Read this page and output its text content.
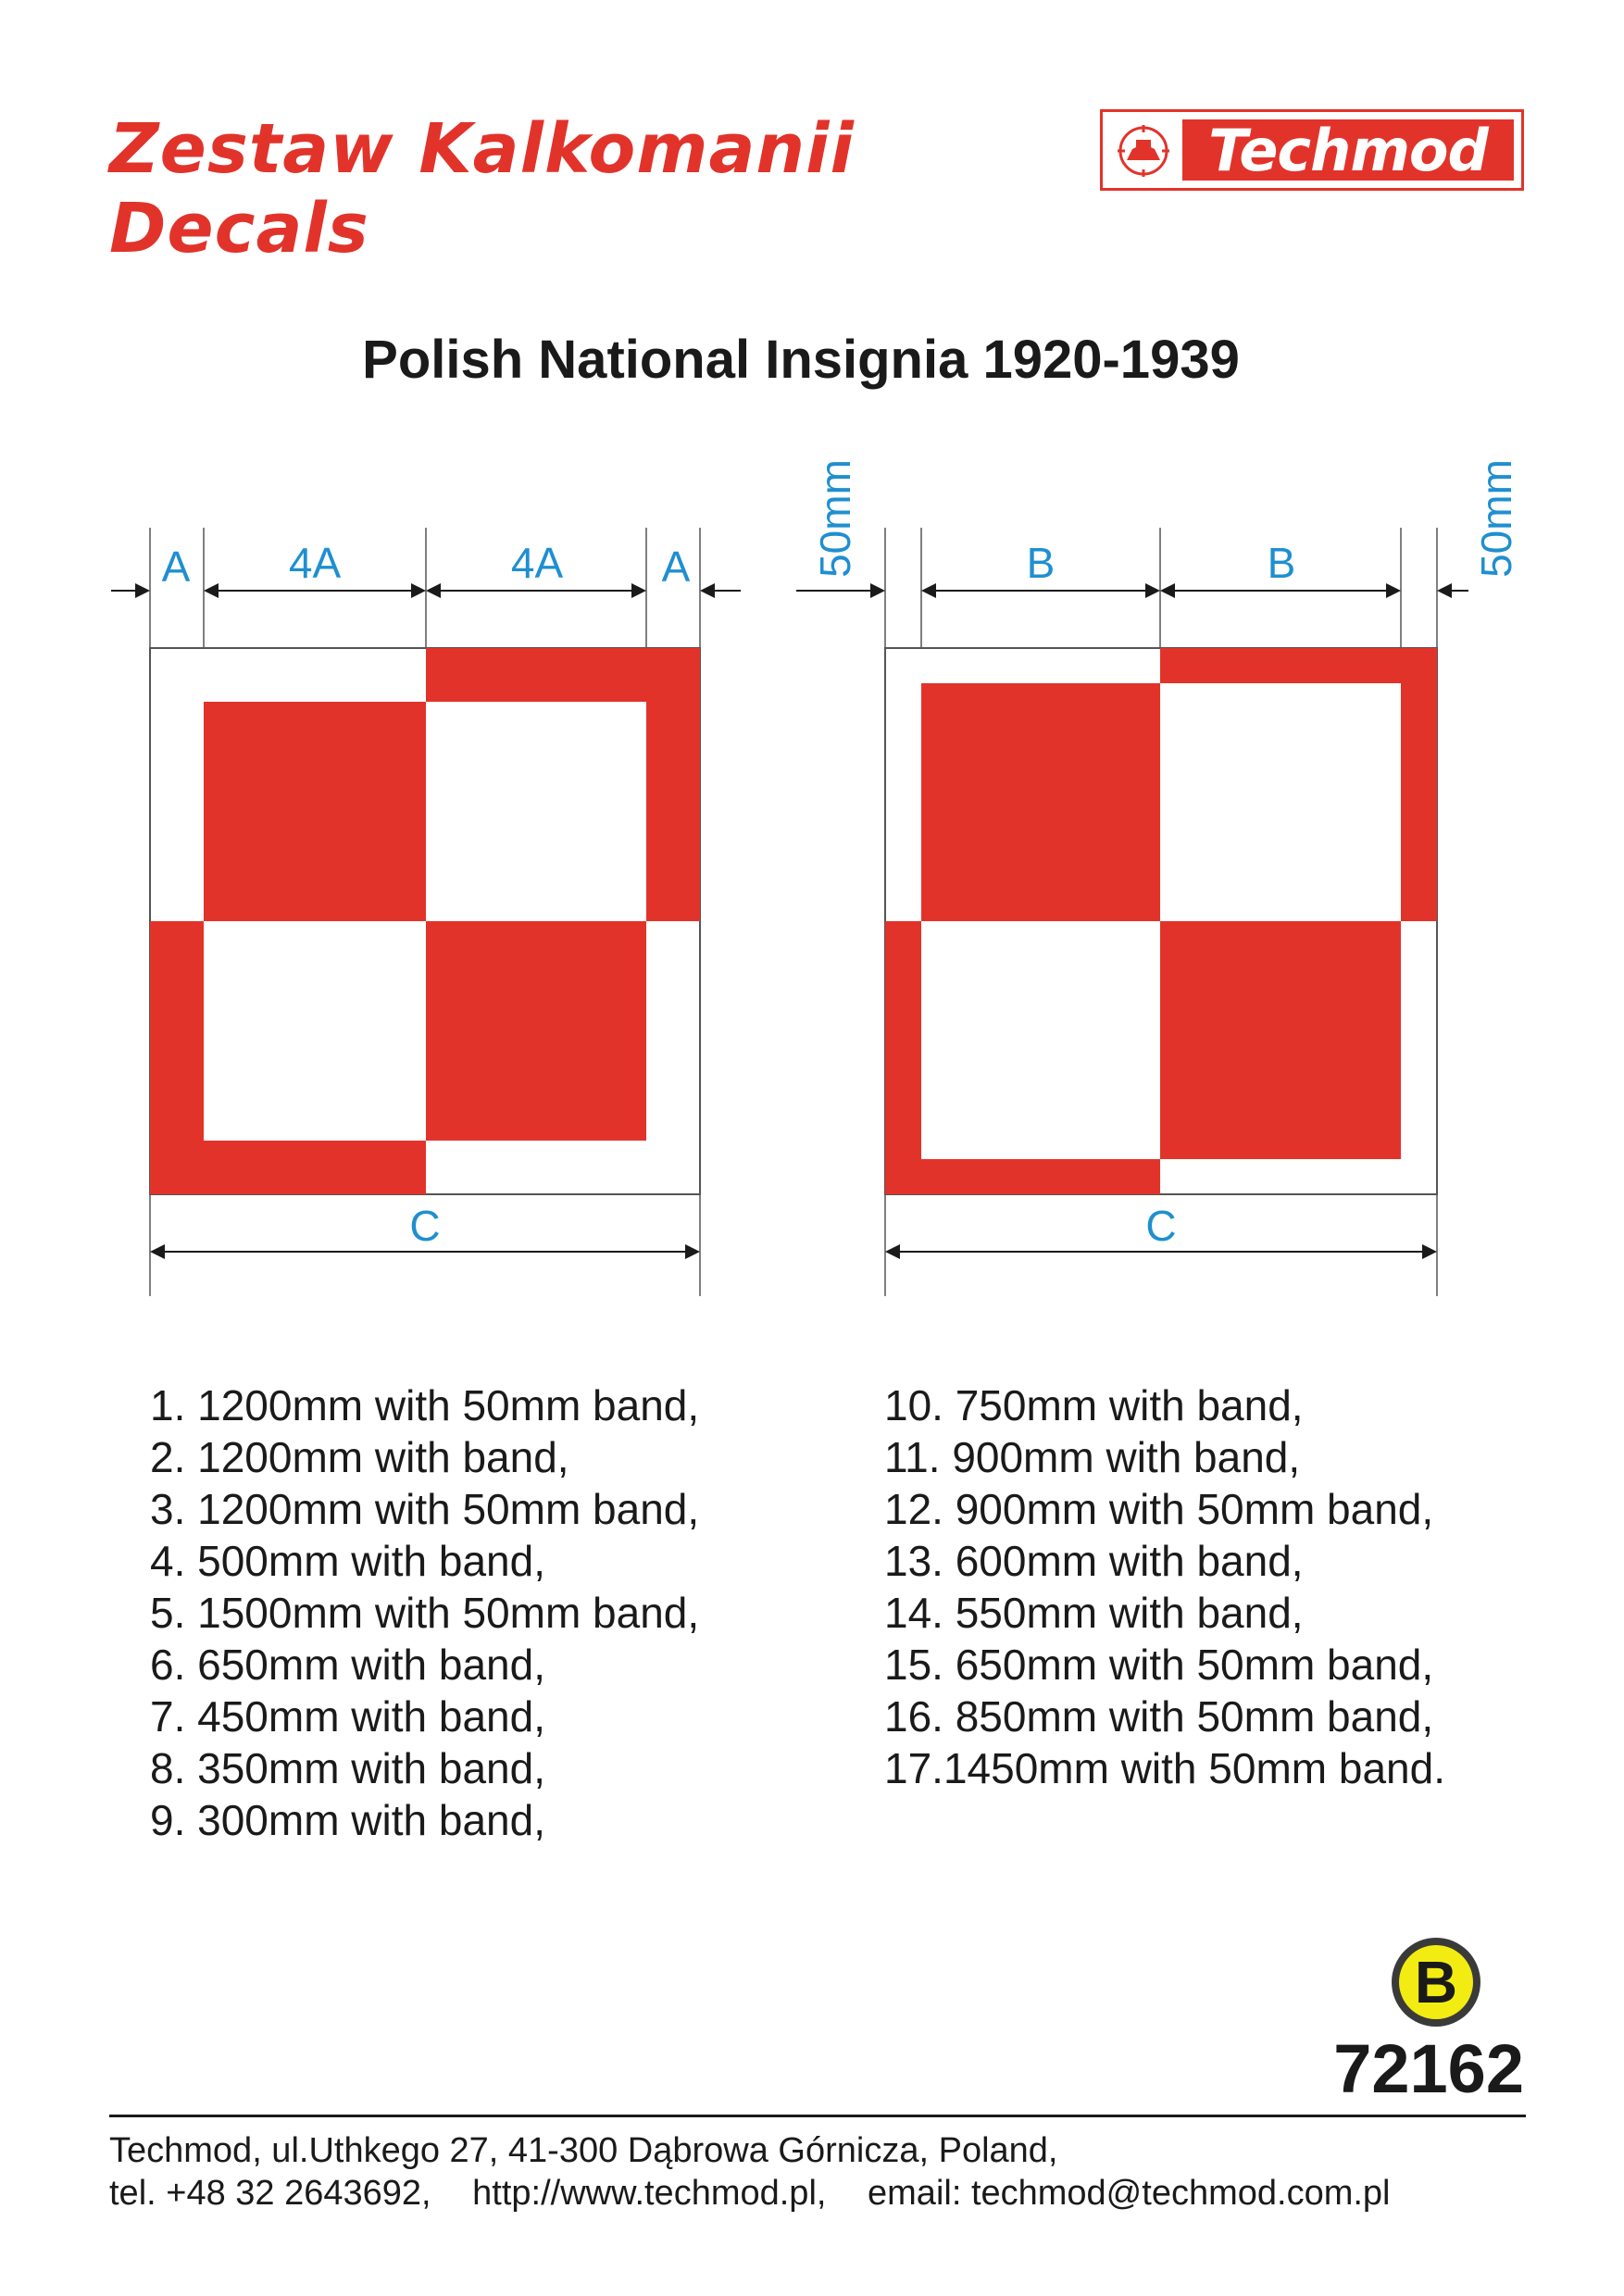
Zestaw Kalkomanii
Decals
Techmod
Polish National Insignia 1920-1939
A 4A	4A A
C
50mm	B	B	50mm
C
1. 1200mm with 50mm band,
2. 1200mm with band,
3. 1200mm with 50mm band,
4. 500mm with band,
5. 1500mm with 50mm band,
6. 650mm with band,
7. 450mm with band,
8. 350mm with band,
9. 300mm with band,
10. 750mm with band,
11. 900mm with band,
12. 900mm with 50mm band,
13. 600mm with band,
14. 550mm with band,
15. 650mm with 50mm band,
16. 850mm with 50mm band,
17.1450mm with 50mm band.
B
72162
Techmod, ul.Uthkego 27, 41-300 Dąbrowa Górnicza, Poland,
tel. +48 32 2643692, http://www.techmod.pl, email: techmod@techmod.com.pl
